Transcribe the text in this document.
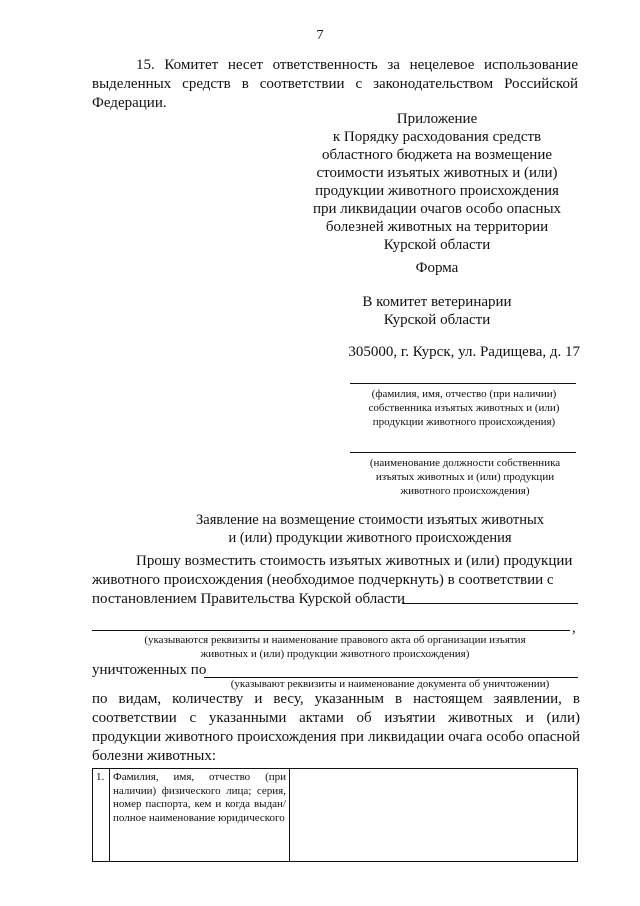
7
15. Комитет несет ответственность за нецелевое использование выделенных средств в соответствии с законодательством Российской Федерации.
Приложение
к Порядку расходования средств
областного бюджета на возмещение
стоимости изъятых животных и (или)
продукции животного происхождения
при ликвидации очагов особо опасных
болезней животных на территории
Курской области
Форма
В комитет ветеринарии
Курской области
305000, г. Курск, ул. Радищева, д. 17
(фамилия, имя, отчество (при наличии)
собственника изъятых животных и (или)
продукции животного происхождения)
(наименование должности собственника
изъятых животных и (или) продукции
животного происхождения)
Заявление на возмещение стоимости изъятых животных
и (или) продукции животного происхождения
Прошу возместить стоимость изъятых животных и (или) продукции
животного происхождения (необходимое подчеркнуть) в соответствии с
постановлением Правительства Курской области
,
(указываются реквизиты и наименование правового акта об организации изъятия
животных и (или) продукции животного происхождения)
уничтоженных по
(указывают реквизиты и наименование документа об уничтожении)
по видам, количеству и весу, указанным в настоящем заявлении, в соответствии с указанными актами об изъятии животных и (или) продукции животного происхождения при ликвидации очага особо опасной болезни животных:
1.	Фамилия, имя, отчество (при наличии) физического лица; серия, номер паспорта, кем и когда выдан/полное наименование юридического	
